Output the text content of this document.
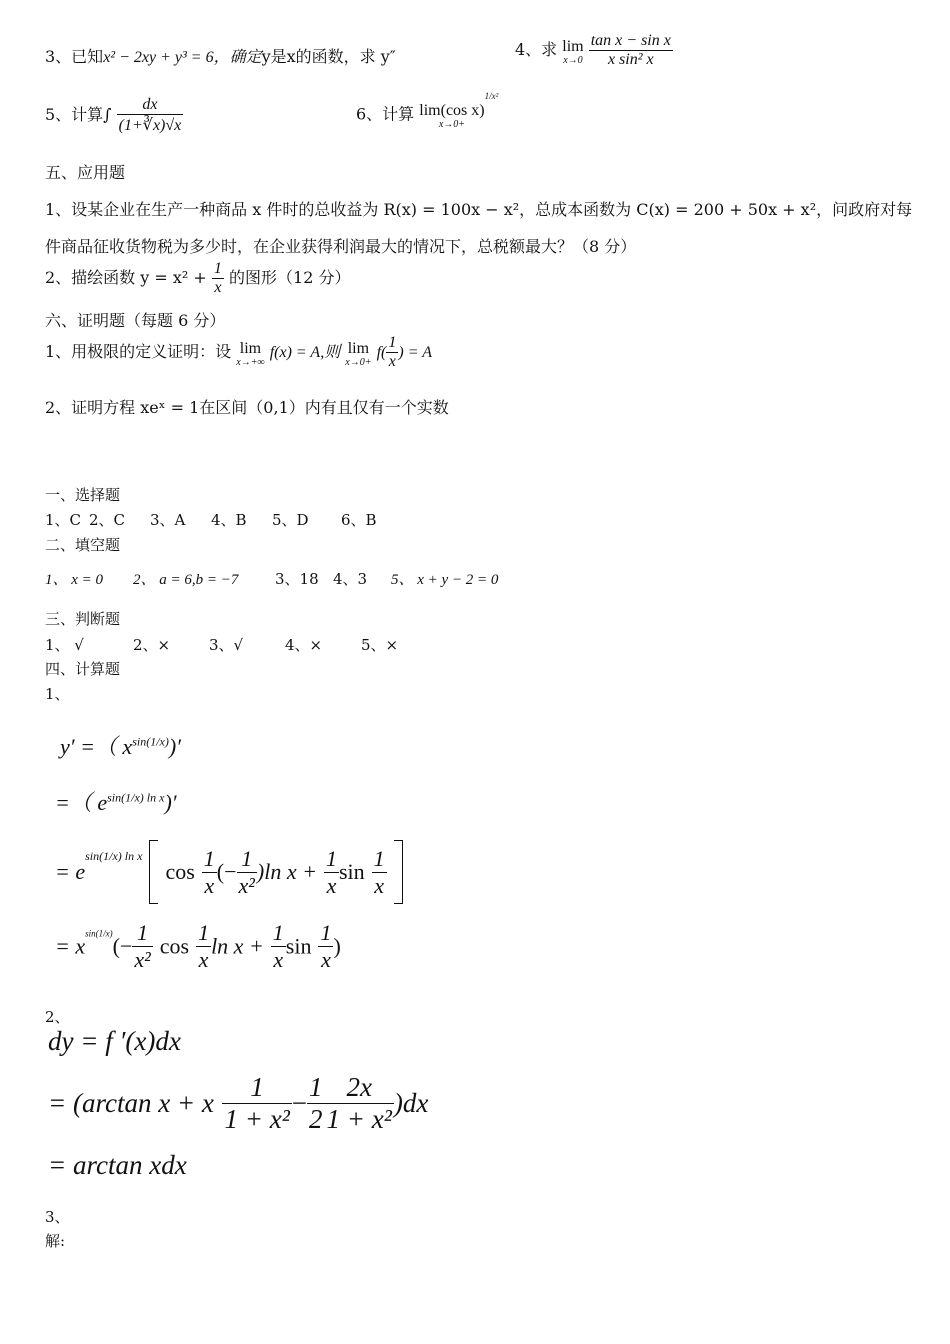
3、已知x² − 2xy + y³ = 6，确定y是x的函数，求 y″	4、求 lim
x→0
$\frac{\text{tan x − sin x}}{\text{x sin² x}}$
5、计算∫ $\frac{dx}{(1+∛x)√x}$	6、计算 lim(cos x)
x→0+
$^{1/x^2}$
五、应用题
1、设某企业在生产一种商品 x 件时的总收益为 R(x) = 100x − x²，总成本函数为 C(x) = 200 + 50x + x²，问政府对每
件商品征收货物税为多少时，在企业获得利润最大的情况下，总税额最大？（8 分）
2、描绘函数 $y = x^2 + \frac{1}{x}$ 的图形（12 分）
六、证明题（每题 6 分）
1、用极限的定义证明：设 lim
x→+∞
f(x) = A,则 lim
x→0+
$f( \frac{1}{x}$ ) = A
2、证明方程 xeˣ = 1在区间（0,1）内有且仅有一个实数
一、选择题
1、C 2、C 3、A 4、B 5、D 6、B
二、填空题
1、 x = 0 2、 a = 6,b = −7 3、18 4、3 5、 x + y − 2 = 0
三、判断题
1、 √	2、×	3、√	4、×	5、×
四、计算题
1、
y′ =（ $x^{sin(1/x)})'$
=（ $e^{sin(1/x) ln x})'$
= $e^{sin(1/x) ln x}$  $\cos \frac{1}{x}$ (− $\frac{1}{\text{x²}} )\ln$ $x + \frac{1}{x}$ $\sin \frac{1}{x}$

= $x^{sin(1/x)}(- \frac{1}{\text{x²}}$ $\cos \frac{1}{x}$ $\ln x + \frac{1}{x}$ $\sin \frac{1}{x}$ )
2、
dy = f ′(x)dx
= (arctan x + x $\frac{1}{\text{1 + x²}} - \frac{1}{2} \frac{2x}{\text{1 + x²}} )dx$
= arctan xdx
3、
解:
